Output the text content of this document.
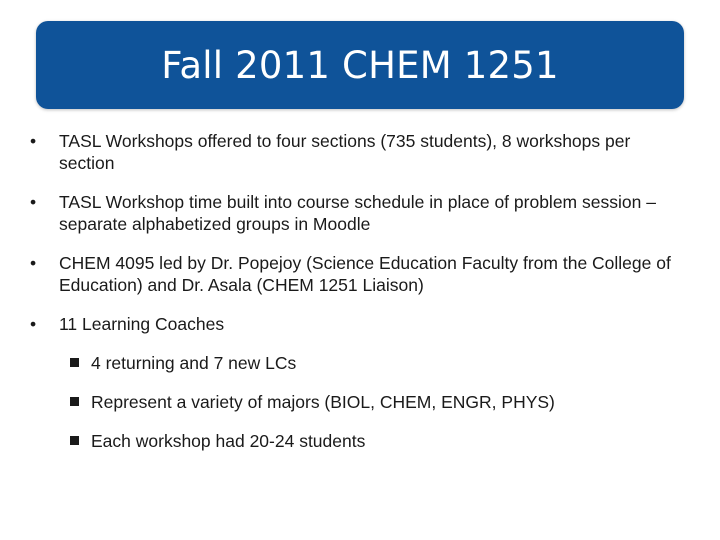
Fall 2011 CHEM 1251
•	TASL Workshops offered to four sections (735 students), 8 workshops per section
•	TASL Workshop time built into course schedule in place of problem session – separate alphabetized groups in Moodle
•	CHEM 4095 led by Dr. Popejoy (Science Education Faculty from the College of Education) and Dr. Asala (CHEM 1251 Liaison)
•	11 Learning Coaches
4 returning and 7 new LCs
Represent a variety of majors (BIOL, CHEM, ENGR, PHYS)
Each workshop had 20-24 students
